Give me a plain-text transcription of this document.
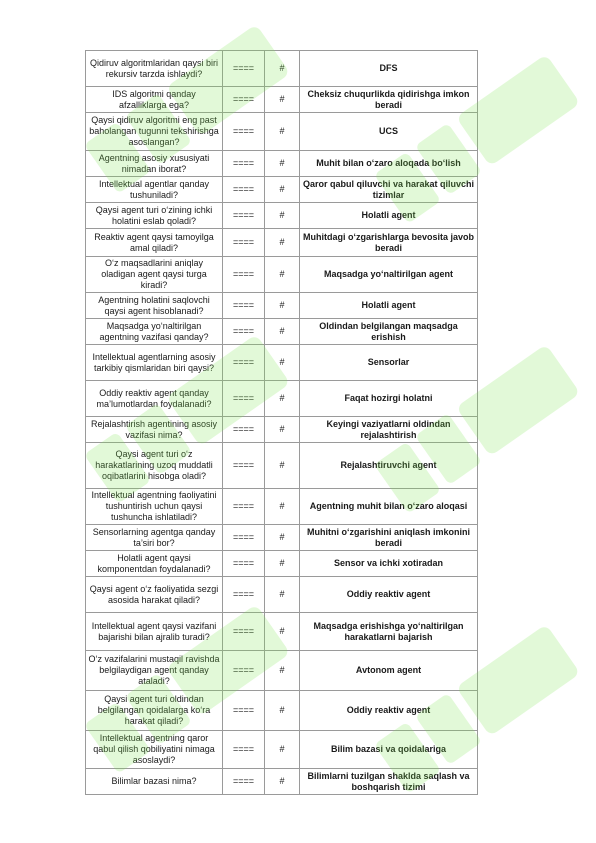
Qidiruv algoritmlaridan qaysi biri rekursiv tarzda ishlaydi?	====	#	DFS
IDS algoritmi qanday afzalliklarga ega?	====	#	Cheksiz chuqurlikda qidirishga imkon beradi
Qaysi qidiruv algoritmi eng past baholangan tugunni tekshirishga asoslangan?	====	#	UCS
Agentning asosiy xususiyati nimadan iborat?	====	#	Muhit bilan o‘zaro aloqada bo‘lish
Intellektual agentlar qanday tushuniladi?	====	#	Qaror qabul qiluvchi va harakat qiluvchi tizimlar
Qaysi agent turi o‘zining ichki holatini eslab qoladi?	====	#	Holatli agent
Reaktiv agent qaysi tamoyilga amal qiladi?	====	#	Muhitdagi o‘zgarishlarga bevosita javob beradi
O‘z maqsadlarini aniqlay oladigan agent qaysi turga kiradi?	====	#	Maqsadga yo‘naltirilgan agent
Agentning holatini saqlovchi qaysi agent hisoblanadi?	====	#	Holatli agent
Maqsadga yo‘naltirilgan agentning vazifasi qanday?	====	#	Oldindan belgilangan maqsadga erishish
Intellektual agentlarning asosiy tarkibiy qismlaridan biri qaysi?	====	#	Sensorlar
Oddiy reaktiv agent qanday ma’lumotlardan foydalanadi?	====	#	Faqat hozirgi holatni
Rejalashtirish agentining asosiy vazifasi nima?	====	#	Keyingi vaziyatlarni oldindan rejalashtirish
Qaysi agent turi o‘z harakatlarining uzoq muddatli oqibatlarini hisobga oladi?	====	#	Rejalashtiruvchi agent
Intellektual agentning faoliyatini tushuntirish uchun qaysi tushuncha ishlatiladi?	====	#	Agentning muhit bilan o‘zaro aloqasi
Sensorlarning agentga qanday ta’siri bor?	====	#	Muhitni o‘zgarishini aniqlash imkonini beradi
Holatli agent qaysi komponentdan foydalanadi?	====	#	Sensor va ichki xotiradan
Qaysi agent o‘z faoliyatida sezgi asosida harakat qiladi?	====	#	Oddiy reaktiv agent
Intellektual agent qaysi vazifani bajarishi bilan ajralib turadi?	====	#	Maqsadga erishishga yo‘naltirilgan harakatlarni bajarish
O‘z vazifalarini mustaqil ravishda belgilaydigan agent qanday ataladi?	====	#	Avtonom agent
Qaysi agent turi oldindan belgilangan qoidalarga ko‘ra harakat qiladi?	====	#	Oddiy reaktiv agent
Intellektual agentning qaror qabul qilish qobiliyatini nimaga asoslaydi?	====	#	Bilim bazasi va qoidalariga
Bilimlar bazasi nima?	====	#	Bilimlarni tuzilgan shaklda saqlash va boshqarish tizimi
